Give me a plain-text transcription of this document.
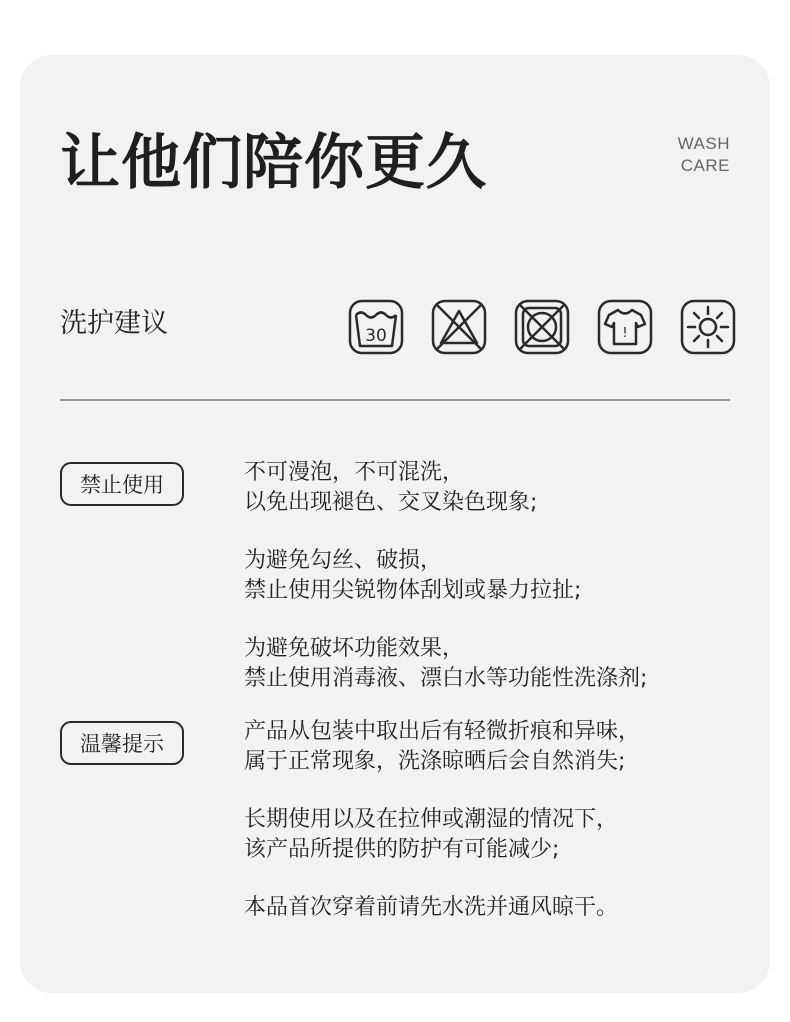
让他们陪你更久	WASH
CARE
洗护建议	30	!
禁止使用	不可漫泡，不可混洗，
以免出现褪色、交叉染色现象;

为避免勾丝、破损，
禁止使用尖锐物体刮划或暴力拉扯;

为避免破坏功能效果，
禁止使用消毒液、漂白水等功能性洗涤剂;

温馨提示	产品从包装中取出后有轻微折痕和异味，
属于正常现象，洗涤晾晒后会自然消失;

长期使用以及在拉伸或潮湿的情况下，
该产品所提供的防护有可能减少;

本品首次穿着前请先水洗并通风晾干。
